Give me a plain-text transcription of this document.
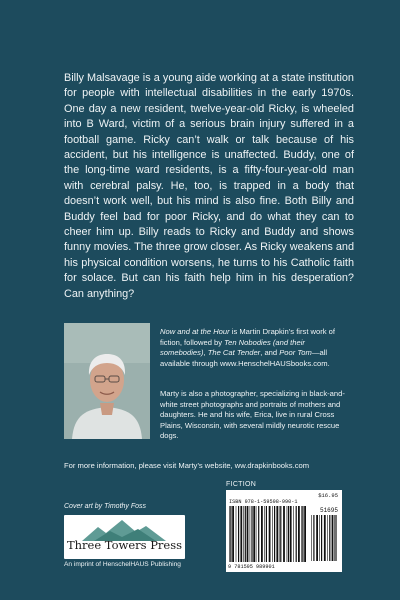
Billy Malsavage is a young aide working at a state institution for people with intellectual disabilities in the early 1970s. One day a new resident, twelve-year-old Ricky, is wheeled into B Ward, victim of a serious brain injury suffered in a football game. Ricky can’t walk or talk because of his accident, but his intelligence is unaffected. Buddy, one of the long-time ward residents, is a fifty-four-year-old man with cerebral palsy. He, too, is trapped in a body that doesn’t work well, but his mind is also fine. Both Billy and Buddy feel bad for poor Ricky, and do what they can to cheer him up. Billy reads to Ricky and Buddy and shows funny movies. The three grow closer. As Ricky weakens and his physical condition worsens, he turns to his Catholic faith for solace. But can his faith help him in his desperation? Can anything?

Now and at the Hour is Martin Drapkin’s first work of fiction, followed by Ten Nobodies (and their somebodies), The Cat Tender, and Poor Tom—all available through www.HenschelHAUSbooks.com.
Marty is also a photographer, specializing in black-and-white street photographs and portraits of mothers and daughters. He and his wife, Erica, live in rural Cross Plains, Wisconsin, with several mildly neurotic rescue dogs.
For more information, please visit Marty’s website, ww.drapkinbooks.com
Cover art by Timothy Foss
Three Towers Press
An imprint of HenschelHAUS Publishing
FICTION
$16.95
ISBN 978-1-59598-990-1
51695
9 781595 989901
